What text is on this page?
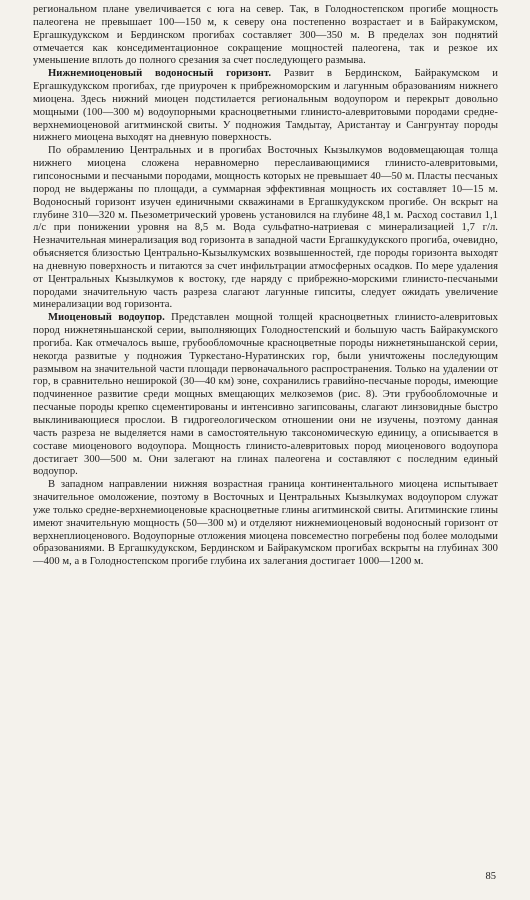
региональном плане увеличивается с юга на север. Так, в Голодностепском прогибе мощность палеогена не превышает 100—150 м, к северу она постепенно возрастает и в Байракумском, Ергашкудукском и Бердинском прогибах составляет 300—350 м. В пределах зон поднятий отмечается как конседиментационное сокращение мощностей палеогена, так и резкое их уменьшение вплоть до полного срезания за счет последующего размыва.

Нижнемиоценовый водоносный горизонт. Развит в Бердинском, Байракумском и Ергашкудукском прогибах, где приурочен к прибрежноморским и лагунным образованиям нижнего миоцена. Здесь нижний миоцен подстилается региональным водоупором и перекрыт довольно мощными (100—300 м) водоупорными красноцветными глинисто-алевритовыми породами средне-верхнемиоценовой агитминской свиты. У подножия Тамдытау, Аристантау и Сангрунтау породы нижнего миоцена выходят на дневную поверхность.

По обрамлению Центральных и в прогибах Восточных Кызылкумов водовмещающая толща нижнего миоцена сложена неравномерно переслаивающимися глинисто-алевритовыми, гипсоносными и песчаными породами, мощность которых не превышает 40—50 м. Пласты песчаных пород не выдержаны по площади, а суммарная эффективная мощность их составляет 10—15 м. Водоносный горизонт изучен единичными скважинами в Ергашкудукском прогибе. Он вскрыт на глубине 310—320 м. Пьезометрический уровень установился на глубине 48,1 м. Расход составил 1,1 л/с при понижении уровня на 8,5 м. Вода сульфатно-натриевая с минерализацией 1,7 г/л. Незначительная минерализация вод горизонта в западной части Ергашкудукского прогиба, очевидно, объясняется близостью Центрально-Кызылкумских возвышенностей, где породы горизонта выходят на дневную поверхность и питаются за счет инфильтрации атмосферных осадков. По мере удаления от Центральных Кызылкумов к востоку, где наряду с прибрежно-морскими глинисто-песчаными породами значительную часть разреза слагают лагунные гипситы, следует ожидать увеличение минерализации вод горизонта.

Миоценовый водоупор. Представлен мощной толщей красноцветных глинисто-алевритовых пород нижнетяньшанской серии, выполняющих Голодностепский и большую часть Байракумского прогиба. Как отмечалось выше, грубообломочные красноцветные породы нижнетяньшанской серии, некогда развитые у подножия Туркестано-Нуратинских гор, были уничтожены последующим размывом на значительной части площади первоначального распространения. Только на удалении от гор, в сравнительно неширокой (30—40 км) зоне, сохранились гравийно-песчаные породы, имеющие подчиненное развитие среди мощных вмещающих мелкоземов (рис. 8). Эти грубообломочные и песчаные породы крепко сцементированы и интенсивно загипсованы, слагают линзовидные быстро выклинивающиеся прослои. В гидрогеологическом отношении они не изучены, поэтому данная часть разреза не выделяется нами в самостоятельную таксономическую единицу, а описывается в составе миоценового водоупора. Мощность глинисто-алевритовых пород миоценового водоупора достигает 300—500 м. Они залегают на глинах палеогена и составляют с последним единый водоупор.

В западном направлении нижняя возрастная граница континентального миоцена испытывает значительное омоложение, поэтому в Восточных и Центральных Кызылкумах водоупором служат уже только средне-верхнемиоценовые красноцветные глины агитминской свиты. Агитминские глины имеют значительную мощность (50—300 м) и отделяют нижнемиоценовый водоносный горизонт от верхнеплиоценового. Водоупорные отложения миоцена повсеместно погребены под более молодыми образованиями. В Ергашкудукском, Бердинском и Байракумском прогибах вскрыты на глубинах 300—400 м, а в Голодностепском прогибе глубина их залегания достигает 1000—1200 м.

85
